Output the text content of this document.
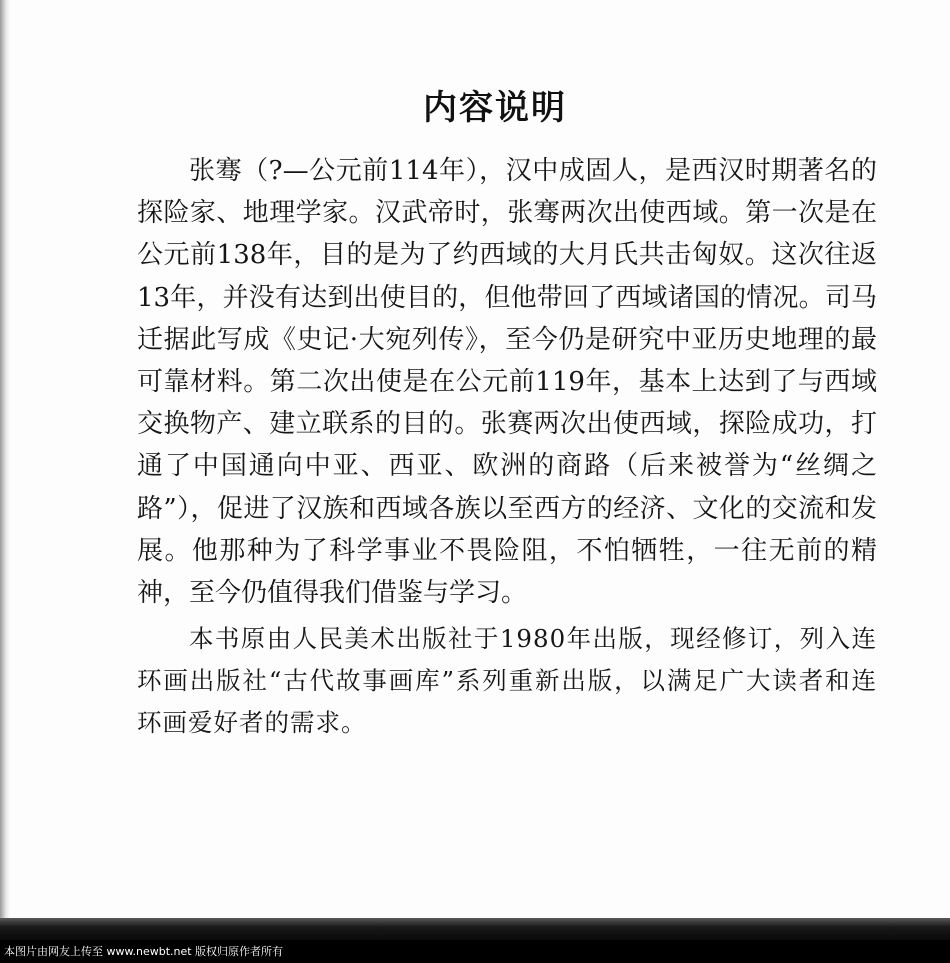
内容说明

张骞（?—公元前114年），汉中成固人，是西汉时期著名的探险家、地理学家。汉武帝时，张骞两次出使西域。第一次是在公元前138年，目的是为了约西域的大月氏共击匈奴。这次往返13年，并没有达到出使目的，但他带回了西域诸国的情况。司马迁据此写成《史记·大宛列传》，至今仍是研究中亚历史地理的最可靠材料。第二次出使是在公元前119年，基本上达到了与西域交换物产、建立联系的目的。张赛两次出使西域，探险成功，打通了中国通向中亚、西亚、欧洲的商路（后来被誉为“丝绸之路”），促进了汉族和西域各族以至西方的经济、文化的交流和发展。他那种为了科学事业不畏险阻，不怕牺牲，一往无前的精神，至今仍值得我们借鉴与学习。

本书原由人民美术出版社于1980年出版，现经修订，列入连环画出版社“古代故事画库”系列重新出版，以满足广大读者和连环画爱好者的需求。

本图片由网友上传至 www.newbt.net 版权归原作者所有
